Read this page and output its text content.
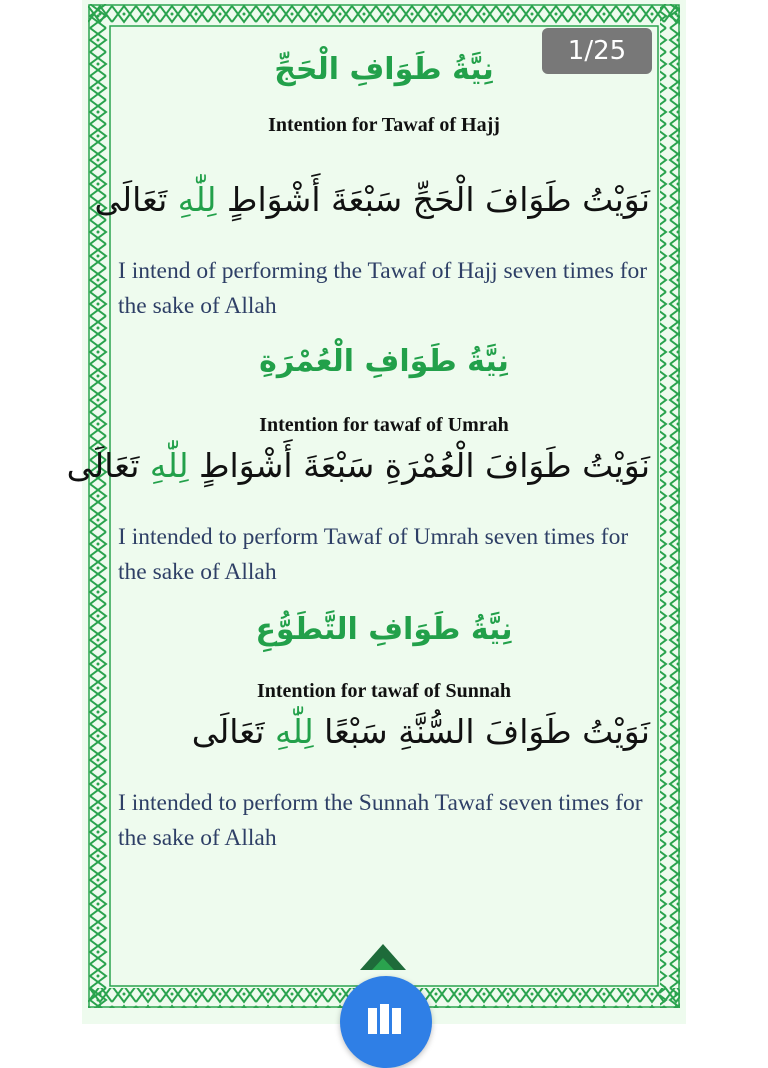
1/25
نِيَّةُ طَوَافِ الْحَجِّ
Intention for Tawaf of Hajj
نَوَيْتُ طَوَافَ الْحَجِّ سَبْعَةَ أَشْوَاطٍ لِلّٰهِ تَعَالَى
I intend of performing the Tawaf of Hajj seven times for the sake of Allah
نِيَّةُ طَوَافِ الْعُمْرَةِ
Intention for tawaf of Umrah
نَوَيْتُ طَوَافَ الْعُمْرَةِ سَبْعَةَ أَشْوَاطٍ لِلّٰهِ تَعَالَى
I intended to perform Tawaf of Umrah seven times for the sake of Allah
نِيَّةُ طَوَافِ التَّطَوُّعِ
Intention for tawaf of Sunnah
نَوَيْتُ طَوَافَ السُّنَّةِ سَبْعًا لِلّٰهِ تَعَالَى
I intended to perform the Sunnah Tawaf seven times for the sake of Allah
